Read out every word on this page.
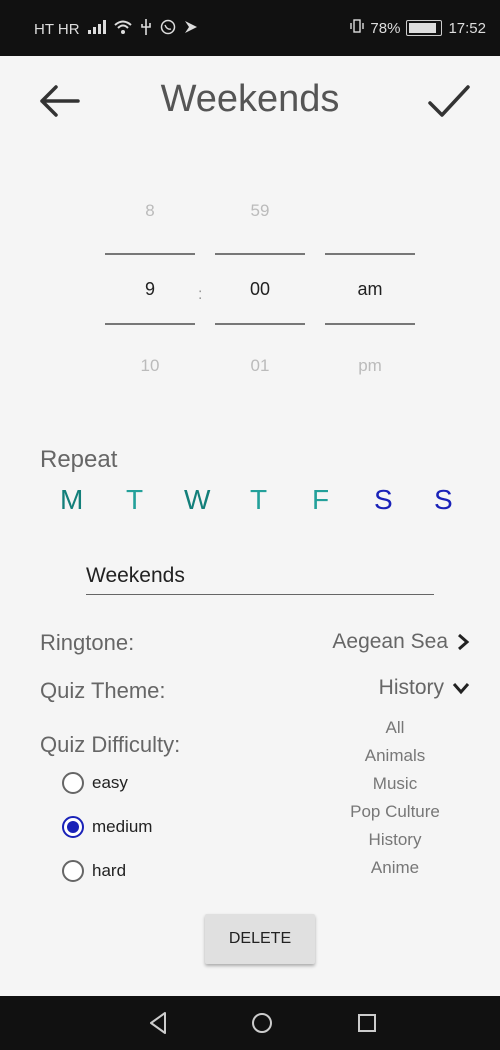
HT HR	78%	17:52
Weekends
8
9
10
:
59
00
01
am
pm
Repeat
M T W T F S S
Weekends
Ringtone:	Aegean Sea
Quiz Theme:	History
All
Animals
Music
Pop Culture
History
Anime
Quiz Difficulty:
easy
medium
hard
DELETE
